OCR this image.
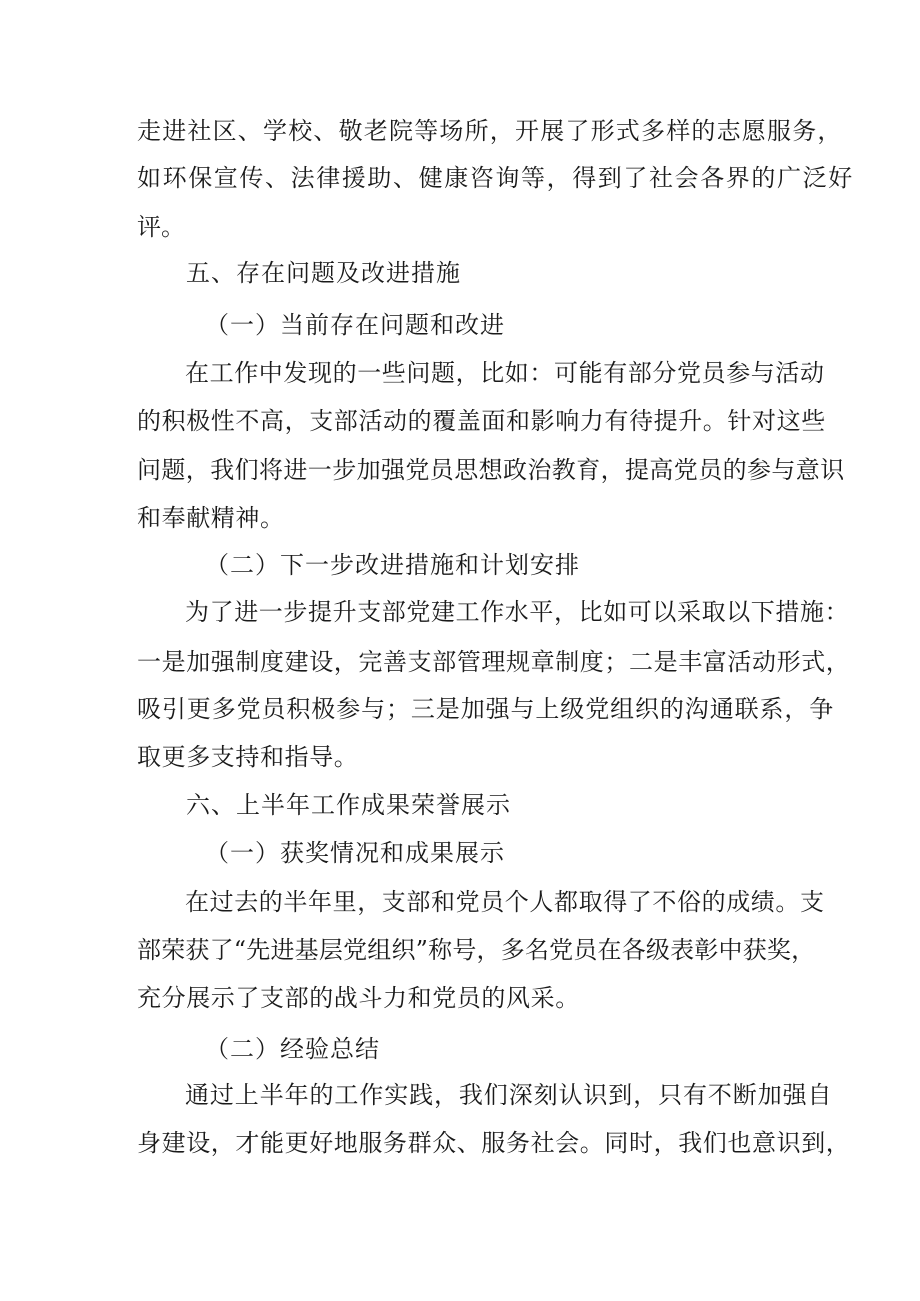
走进社区、学校、敬老院等场所，开展了形式多样的志愿服务，

如环保宣传、法律援助、健康咨询等，得到了社会各界的广泛好

评。

五、存在问题及改进措施

（一）当前存在问题和改进

在工作中发现的一些问题，比如：可能有部分党员参与活动

的积极性不高，支部活动的覆盖面和影响力有待提升。针对这些

问题，我们将进一步加强党员思想政治教育，提高党员的参与意识

和奉献精神。

（二）下一步改进措施和计划安排

为了进一步提升支部党建工作水平，比如可以采取以下措施：

一是加强制度建设，完善支部管理规章制度；二是丰富活动形式，

吸引更多党员积极参与；三是加强与上级党组织的沟通联系，争

取更多支持和指导。

六、上半年工作成果荣誉展示

（一）获奖情况和成果展示

在过去的半年里，支部和党员个人都取得了不俗的成绩。支

部荣获了“先进基层党组织”称号，多名党员在各级表彰中获奖，

充分展示了支部的战斗力和党员的风采。

（二）经验总结

通过上半年的工作实践，我们深刻认识到，只有不断加强自

身建设，才能更好地服务群众、服务社会。同时，我们也意识到，
